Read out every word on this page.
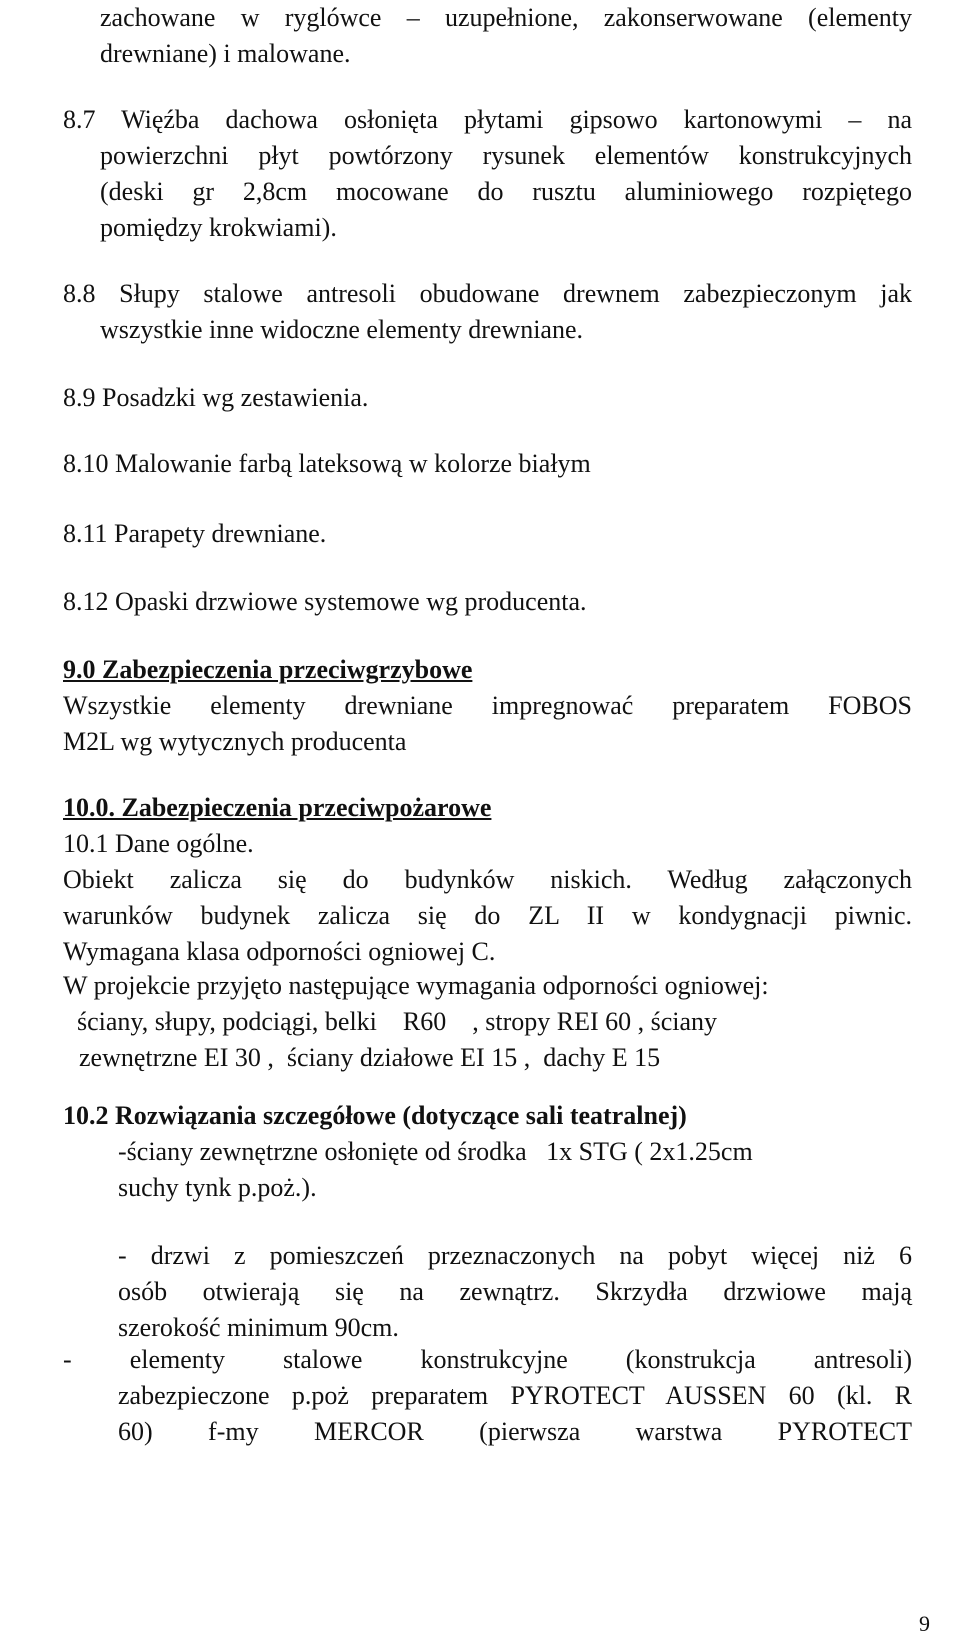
zachowane w ryglówce – uzupełnione, zakonserwowane (elementy
drewniane) i malowane.
8.7 Więźba dachowa osłonięta płytami gipsowo kartonowymi – na
powierzchni płyt powtórzony rysunek elementów konstrukcyjnych
(deski gr 2,8cm mocowane do rusztu aluminiowego rozpiętego
pomiędzy krokwiami).
8.8 Słupy stalowe antresoli obudowane drewnem zabezpieczonym jak
wszystkie inne widoczne elementy drewniane.
8.9 Posadzki wg zestawienia.
8.10 Malowanie farbą lateksową w kolorze białym
8.11 Parapety drewniane.
8.12 Opaski drzwiowe systemowe wg producenta.
9.0 Zabezpieczenia przeciwgrzybowe
Wszystkie elementy drewniane impregnować preparatem FOBOS
M2L wg wytycznych producenta
10.0. Zabezpieczenia przeciwpożarowe
10.1 Dane ogólne.
Obiekt zalicza się do budynków niskich. Według załączonych
warunków budynek zalicza się do ZL II w kondygnacji piwnic.
Wymagana klasa odporności ogniowej C.
W projekcie przyjęto następujące wymagania odporności ogniowej:
ściany, słupy, podciągi, belki    R60    , stropy REI 60 , ściany
zewnętrzne EI 30 ,  ściany działowe EI 15 ,  dachy E 15
10.2 Rozwiązania szczegółowe (dotyczące sali teatralnej)
-ściany zewnętrzne osłonięte od środka   1x STG ( 2x1.25cm
suchy tynk p.poż.).
- drzwi z pomieszczeń przeznaczonych na pobyt więcej niż 6
osób otwierają się na zewnątrz. Skrzydła drzwiowe mają
szerokość minimum 90cm.
- elementy stalowe konstrukcyjne (konstrukcja antresoli)
zabezpieczone p.poż preparatem PYROTECT AUSSEN 60 (kl. R
60) f-my MERCOR (pierwsza warstwa PYROTECT
9
